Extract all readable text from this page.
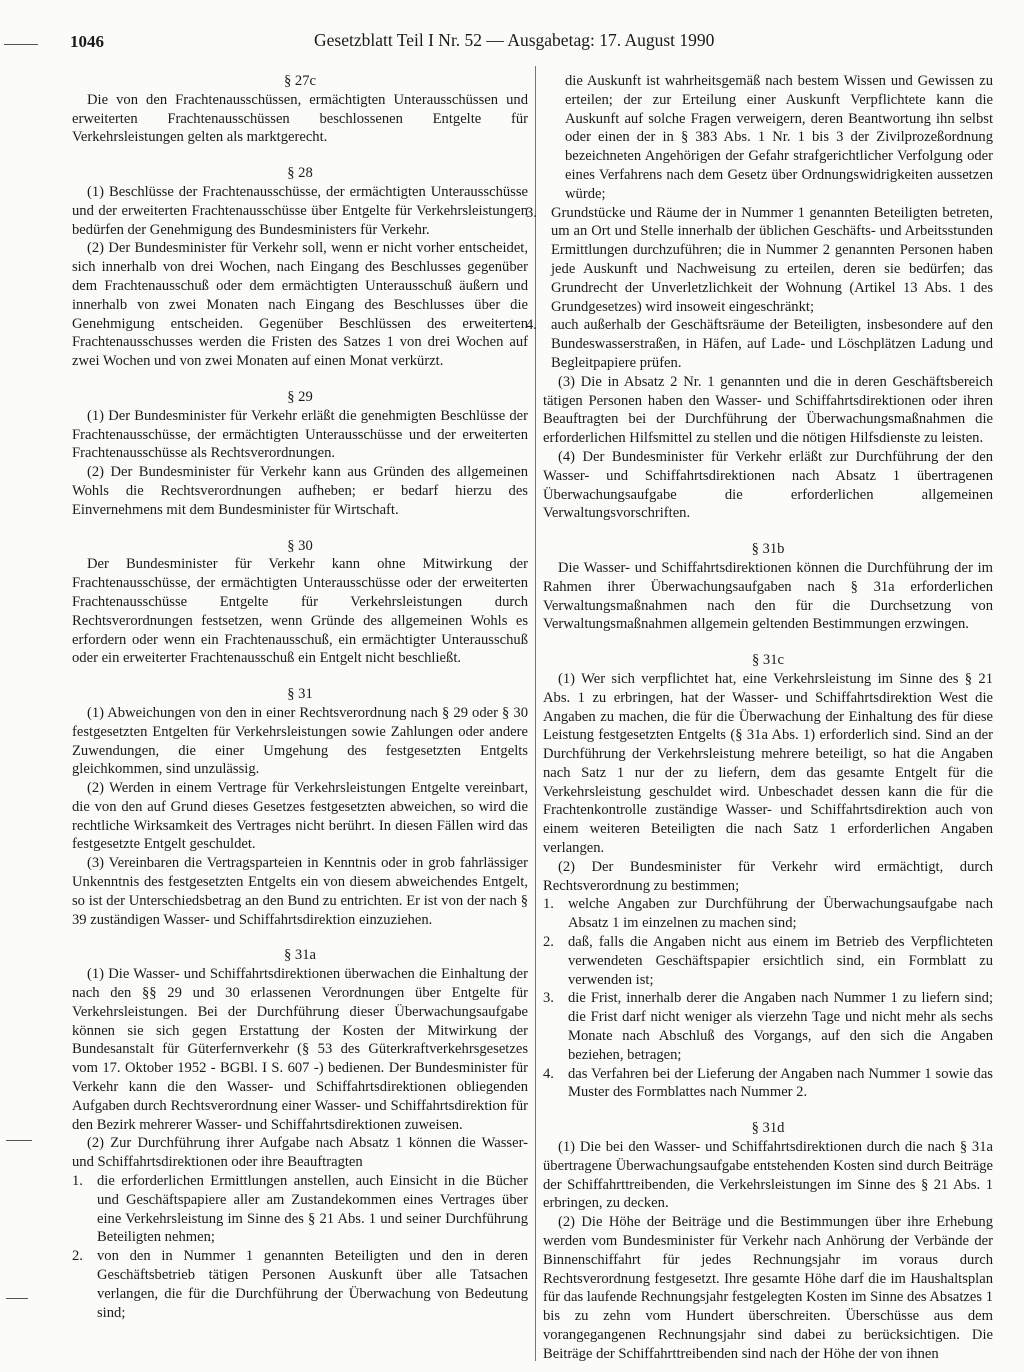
1046	Gesetzblatt Teil I Nr. 52 — Ausgabetag: 17. August 1990

§ 27c

Die von den Frachtenausschüssen, ermächtigten Unterausschüssen und erweiterten Frachtenausschüssen beschlossenen Entgelte für Verkehrsleistungen gelten als marktgerecht.

§ 28

(1) Beschlüsse der Frachtenausschüsse, der ermächtigten Unterausschüsse und der erweiterten Frachtenausschüsse über Entgelte für Verkehrsleistungen bedürfen der Genehmigung des Bundesministers für Verkehr.

(2) Der Bundesminister für Verkehr soll, wenn er nicht vorher entscheidet, sich innerhalb von drei Wochen, nach Eingang des Beschlusses gegenüber dem Frachtenausschuß oder dem ermächtigten Unterausschuß äußern und innerhalb von zwei Monaten nach Eingang des Beschlusses über die Genehmigung entscheiden. Gegenüber Beschlüssen des erweiterten Frachtenausschusses werden die Fristen des Satzes 1 von drei Wochen auf zwei Wochen und von zwei Monaten auf einen Monat verkürzt.

§ 29

(1) Der Bundesminister für Verkehr erläßt die genehmigten Beschlüsse der Frachtenausschüsse, der ermächtigten Unterausschüsse und der erweiterten Frachtenausschüsse als Rechtsverordnungen.

(2) Der Bundesminister für Verkehr kann aus Gründen des allgemeinen Wohls die Rechtsverordnungen aufheben; er bedarf hierzu des Einvernehmens mit dem Bundesminister für Wirtschaft.

§ 30

Der Bundesminister für Verkehr kann ohne Mitwirkung der Frachtenausschüsse, der ermächtigten Unterausschüsse oder der erweiterten Frachtenausschüsse Entgelte für Verkehrsleistungen durch Rechtsverordnungen festsetzen, wenn Gründe des allgemeinen Wohls es erfordern oder wenn ein Frachtenausschuß, ein ermächtigter Unterausschuß oder ein erweiterter Frachtenausschuß ein Entgelt nicht beschließt.

§ 31

(1) Abweichungen von den in einer Rechtsverordnung nach § 29 oder § 30 festgesetzten Entgelten für Verkehrsleistungen sowie Zahlungen oder andere Zuwendungen, die einer Umgehung des festgesetzten Entgelts gleichkommen, sind unzulässig.

(2) Werden in einem Vertrage für Verkehrsleistungen Entgelte vereinbart, die von den auf Grund dieses Gesetzes festgesetzten abweichen, so wird die rechtliche Wirksamkeit des Vertrages nicht berührt. In diesen Fällen wird das festgesetzte Entgelt geschuldet.

(3) Vereinbaren die Vertragsparteien in Kenntnis oder in grob fahrlässiger Unkenntnis des festgesetzten Entgelts ein von diesem abweichendes Entgelt, so ist der Unterschiedsbetrag an den Bund zu entrichten. Er ist von der nach § 39 zuständigen Wasser- und Schiffahrtsdirektion einzuziehen.

§ 31a

(1) Die Wasser- und Schiffahrtsdirektionen überwachen die Einhaltung der nach den §§ 29 und 30 erlassenen Verordnungen über Entgelte für Verkehrsleistungen. Bei der Durchführung dieser Überwachungsaufgabe können sie sich gegen Erstattung der Kosten der Mitwirkung der Bundesanstalt für Güterfernverkehr (§ 53 des Güterkraftverkehrsgesetzes vom 17. Oktober 1952 - BGBl. I S. 607 -) bedienen. Der Bundesminister für Verkehr kann die den Wasser- und Schiffahrtsdirektionen obliegenden Aufgaben durch Rechtsverordnung einer Wasser- und Schiffahrtsdirektion für den Bezirk mehrerer Wasser- und Schiffahrtsdirektionen zuweisen.

(2) Zur Durchführung ihrer Aufgabe nach Absatz 1 können die Wasser- und Schiffahrtsdirektionen oder ihre Beauftragten

1. die erforderlichen Ermittlungen anstellen, auch Einsicht in die Bücher und Geschäftspapiere aller am Zustandekommen eines Vertrages über eine Verkehrsleistung im Sinne des § 21 Abs. 1 und seiner Durchführung Beteiligten nehmen;
2. von den in Nummer 1 genannten Beteiligten und den in deren Geschäftsbetrieb tätigen Personen Auskunft über alle Tatsachen verlangen, die für die Durchführung der Überwachung von Bedeutung sind;

die Auskunft ist wahrheitsgemäß nach bestem Wissen und Gewissen zu erteilen; der zur Erteilung einer Auskunft Verpflichtete kann die Auskunft auf solche Fragen verweigern, deren Beantwortung ihn selbst oder einen der in § 383 Abs. 1 Nr. 1 bis 3 der Zivilprozeßordnung bezeichneten Angehörigen der Gefahr strafgerichtlicher Verfolgung oder eines Verfahrens nach dem Gesetz über Ordnungswidrigkeiten aussetzen würde;

3. Grundstücke und Räume der in Nummer 1 genannten Beteiligten betreten, um an Ort und Stelle innerhalb der üblichen Geschäfts- und Arbeitsstunden Ermittlungen durchzuführen; die in Nummer 2 genannten Personen haben jede Auskunft und Nachweisung zu erteilen, deren sie bedürfen; das Grundrecht der Unverletzlichkeit der Wohnung (Artikel 13 Abs. 1 des Grundgesetzes) wird insoweit eingeschränkt;
4. auch außerhalb der Geschäftsräume der Beteiligten, insbesondere auf den Bundeswasserstraßen, in Häfen, auf Lade- und Löschplätzen Ladung und Begleitpapiere prüfen.

(3) Die in Absatz 2 Nr. 1 genannten und die in deren Geschäftsbereich tätigen Personen haben den Wasser- und Schiffahrtsdirektionen oder ihren Beauftragten bei der Durchführung der Überwachungsmaßnahmen die erforderlichen Hilfsmittel zu stellen und die nötigen Hilfsdienste zu leisten.

(4) Der Bundesminister für Verkehr erläßt zur Durchführung der den Wasser- und Schiffahrtsdirektionen nach Absatz 1 übertragenen Überwachungsaufgabe die erforderlichen allgemeinen Verwaltungsvorschriften.

§ 31b

Die Wasser- und Schiffahrtsdirektionen können die Durchführung der im Rahmen ihrer Überwachungsaufgaben nach § 31a erforderlichen Verwaltungsmaßnahmen nach den für die Durchsetzung von Verwaltungsmaßnahmen allgemein geltenden Bestimmungen erzwingen.

§ 31c

(1) Wer sich verpflichtet hat, eine Verkehrsleistung im Sinne des § 21 Abs. 1 zu erbringen, hat der Wasser- und Schiffahrtsdirektion West die Angaben zu machen, die für die Überwachung der Einhaltung des für diese Leistung festgesetzten Entgelts (§ 31a Abs. 1) erforderlich sind. Sind an der Durchführung der Verkehrsleistung mehrere beteiligt, so hat die Angaben nach Satz 1 nur der zu liefern, dem das gesamte Entgelt für die Verkehrsleistung geschuldet wird. Unbeschadet dessen kann die für die Frachtenkontrolle zuständige Wasser- und Schiffahrtsdirektion auch von einem weiteren Beteiligten die nach Satz 1 erforderlichen Angaben verlangen.

(2) Der Bundesminister für Verkehr wird ermächtigt, durch Rechtsverordnung zu bestimmen;

1. welche Angaben zur Durchführung der Überwachungsaufgabe nach Absatz 1 im einzelnen zu machen sind;
2. daß, falls die Angaben nicht aus einem im Betrieb des Verpflichteten verwendeten Geschäftspapier ersichtlich sind, ein Formblatt zu verwenden ist;
3. die Frist, innerhalb derer die Angaben nach Nummer 1 zu liefern sind; die Frist darf nicht weniger als vierzehn Tage und nicht mehr als sechs Monate nach Abschluß des Vorgangs, auf den sich die Angaben beziehen, betragen;
4. das Verfahren bei der Lieferung der Angaben nach Nummer 1 sowie das Muster des Formblattes nach Nummer 2.

§ 31d

(1) Die bei den Wasser- und Schiffahrtsdirektionen durch die nach § 31a übertragene Überwachungsaufgabe entstehenden Kosten sind durch Beiträge der Schiffahrttreibenden, die Verkehrsleistungen im Sinne des § 21 Abs. 1 erbringen, zu decken.

(2) Die Höhe der Beiträge und die Bestimmungen über ihre Erhebung werden vom Bundesminister für Verkehr nach Anhörung der Verbände der Binnenschiffahrt für jedes Rechnungsjahr im voraus durch Rechtsverordnung festgesetzt. Ihre gesamte Höhe darf die im Haushaltsplan für das laufende Rechnungsjahr festgelegten Kosten im Sinne des Absatzes 1 bis zu zehn vom Hundert überschreiten. Überschüsse aus dem vorangegangenen Rechnungsjahr sind dabei zu berücksichtigen. Die Beiträge der Schiffahrttreibenden sind nach der Höhe der von ihnen
